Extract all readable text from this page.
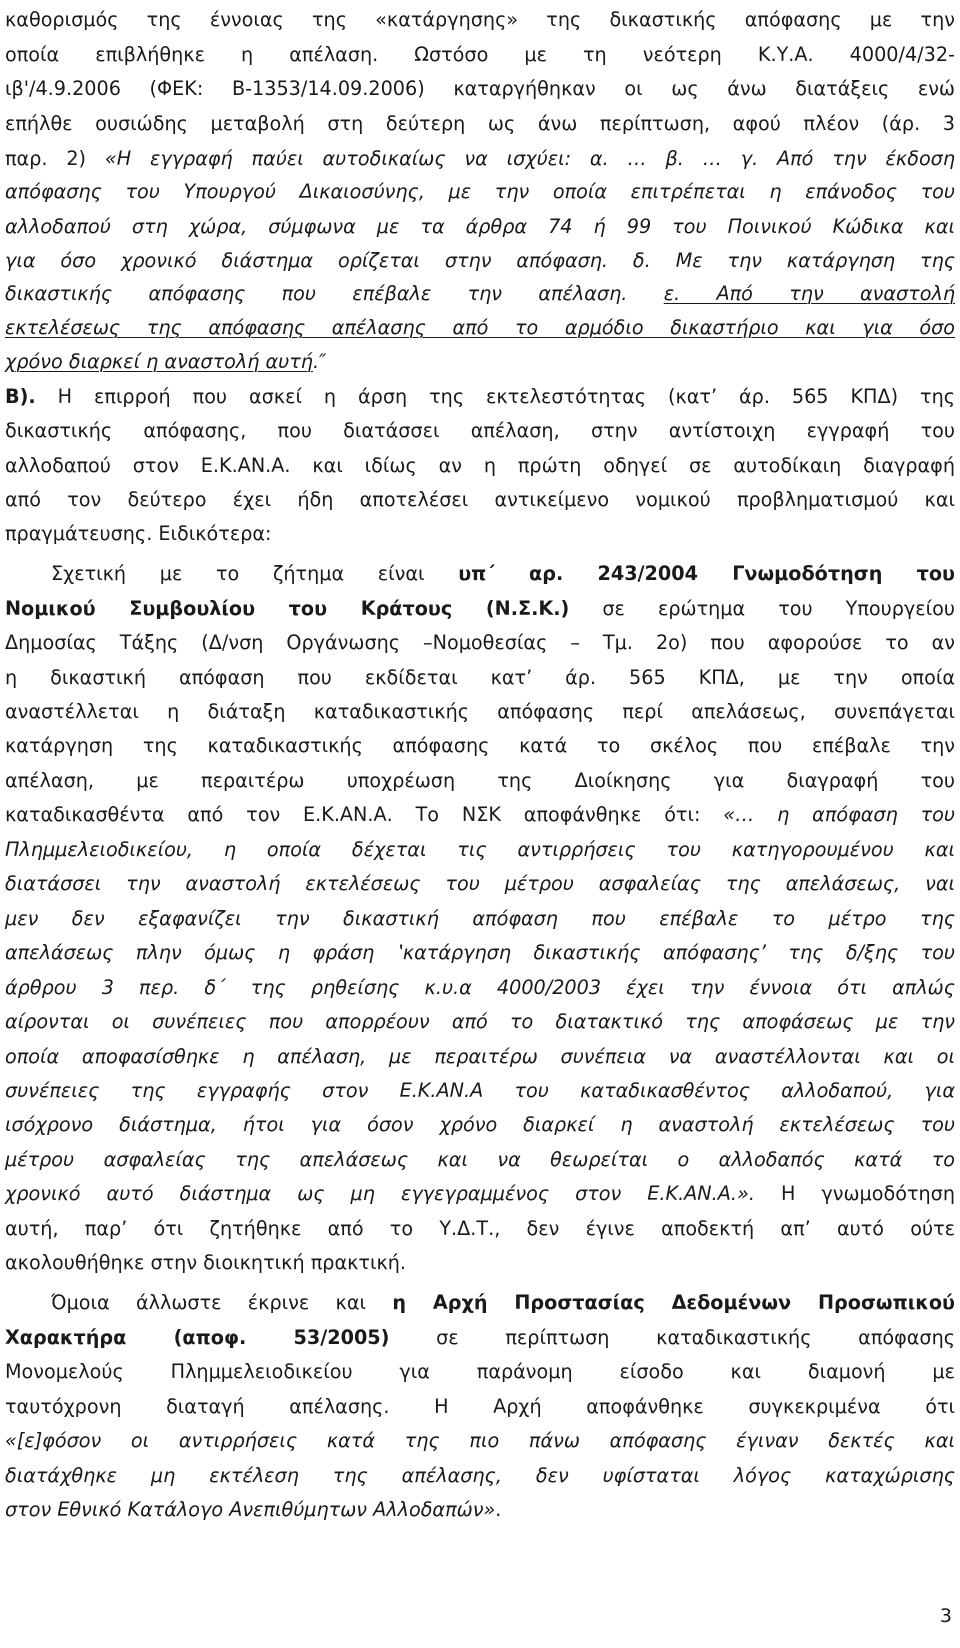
καθορισμός της έννοιας της «κατάργησης» της δικαστικής απόφασης με την
οποία επιβλήθηκε η απέλαση. Ωστόσο με τη νεότερη Κ.Υ.Α. 4000/4/32-
ιβ'/4.9.2006 (ΦΕΚ: Β-1353/14.09.2006) καταργήθηκαν οι ως άνω διατάξεις ενώ
επήλθε ουσιώδης μεταβολή στη δεύτερη ως άνω περίπτωση, αφού πλέον (άρ. 3
παρ. 2) «Η εγγραφή παύει αυτοδικαίως να ισχύει: α. … β. … γ. Από την έκδοση
απόφασης του Υπουργού Δικαιοσύνης, με την οποία επιτρέπεται η επάνοδος του
αλλοδαπού στη χώρα, σύμφωνα με τα άρθρα 74 ή 99 του Ποινικού Κώδικα και
για όσο χρονικό διάστημα ορίζεται στην απόφαση. δ. Με την κατάργηση της
δικαστικής απόφασης που επέβαλε την απέλαση. ε. Από την αναστολή
εκτελέσεως της απόφασης απέλασης από το αρμόδιο δικαστήριο και για όσο
χρόνο διαρκεί η αναστολή αυτή.″
Β). Η επιρροή που ασκεί η άρση της εκτελεστότητας (κατ’ άρ. 565 ΚΠΔ) της
δικαστικής απόφασης, που διατάσσει απέλαση, στην αντίστοιχη εγγραφή του
αλλοδαπού στον Ε.Κ.ΑΝ.Α. και ιδίως αν η πρώτη οδηγεί σε αυτοδίκαιη διαγραφή
από τον δεύτερο έχει ήδη αποτελέσει αντικείμενο νομικού προβληματισμού και
πραγμάτευσης. Ειδικότερα:
Σχετική με το ζήτημα είναι υπ΄ αρ. 243/2004 Γνωμοδότηση του
Νομικού Συμβουλίου του Κράτους (Ν.Σ.Κ.) σε ερώτημα του Υπουργείου
Δημοσίας Τάξης (Δ/νση Οργάνωσης –Νομοθεσίας – Τμ. 2ο) που αφορούσε το αν
η δικαστική απόφαση που εκδίδεται κατ’ άρ. 565 ΚΠΔ, με την οποία
αναστέλλεται η διάταξη καταδικαστικής απόφασης περί απελάσεως, συνεπάγεται
κατάργηση της καταδικαστικής απόφασης κατά το σκέλος που επέβαλε την
απέλαση, με περαιτέρω υποχρέωση της Διοίκησης για διαγραφή του
καταδικασθέντα από τον Ε.Κ.ΑΝ.Α. Το ΝΣΚ αποφάνθηκε ότι: «… η απόφαση του
Πλημμελειοδικείου, η οποία δέχεται τις αντιρρήσεις του κατηγορουμένου και
διατάσσει την αναστολή εκτελέσεως του μέτρου ασφαλείας της απελάσεως, ναι
μεν δεν εξαφανίζει την δικαστική απόφαση που επέβαλε το μέτρο της
απελάσεως πλην όμως η φράση ‛κατάργηση δικαστικής απόφασης’ της δ/ξης του
άρθρου 3 περ. δ΄ της ρηθείσης κ.υ.α 4000/2003 έχει την έννοια ότι απλώς
αίρονται οι συνέπειες που απορρέουν από το διατακτικό της αποφάσεως με την
οποία αποφασίσθηκε η απέλαση, με περαιτέρω συνέπεια να αναστέλλονται και οι
συνέπειες της εγγραφής στον Ε.Κ.ΑΝ.Α του καταδικασθέντος αλλοδαπού, για
ισόχρονο διάστημα, ήτοι για όσον χρόνο διαρκεί η αναστολή εκτελέσεως του
μέτρου ασφαλείας της απελάσεως και να θεωρείται ο αλλοδαπός κατά το
χρονικό αυτό διάστημα ως μη εγγεγραμμένος στον Ε.Κ.ΑΝ.Α.». Η γνωμοδότηση
αυτή, παρ’ ότι ζητήθηκε από το Υ.Δ.Τ., δεν έγινε αποδεκτή απ’ αυτό ούτε
ακολουθήθηκε στην διοικητική πρακτική.
Όμοια άλλωστε έκρινε και η Αρχή Προστασίας Δεδομένων Προσωπικού
Χαρακτήρα (αποφ. 53/2005) σε περίπτωση καταδικαστικής απόφασης
Μονομελούς Πλημμελειοδικείου για παράνομη είσοδο και διαμονή με
ταυτόχρονη διαταγή απέλασης. Η Αρχή αποφάνθηκε συγκεκριμένα ότι
«[ε]φόσον οι αντιρρήσεις κατά της πιο πάνω απόφασης έγιναν δεκτές και
διατάχθηκε μη εκτέλεση της απέλασης, δεν υφίσταται λόγος καταχώρισης
στον Εθνικό Κατάλογο Ανεπιθύμητων Αλλοδαπών».
3
